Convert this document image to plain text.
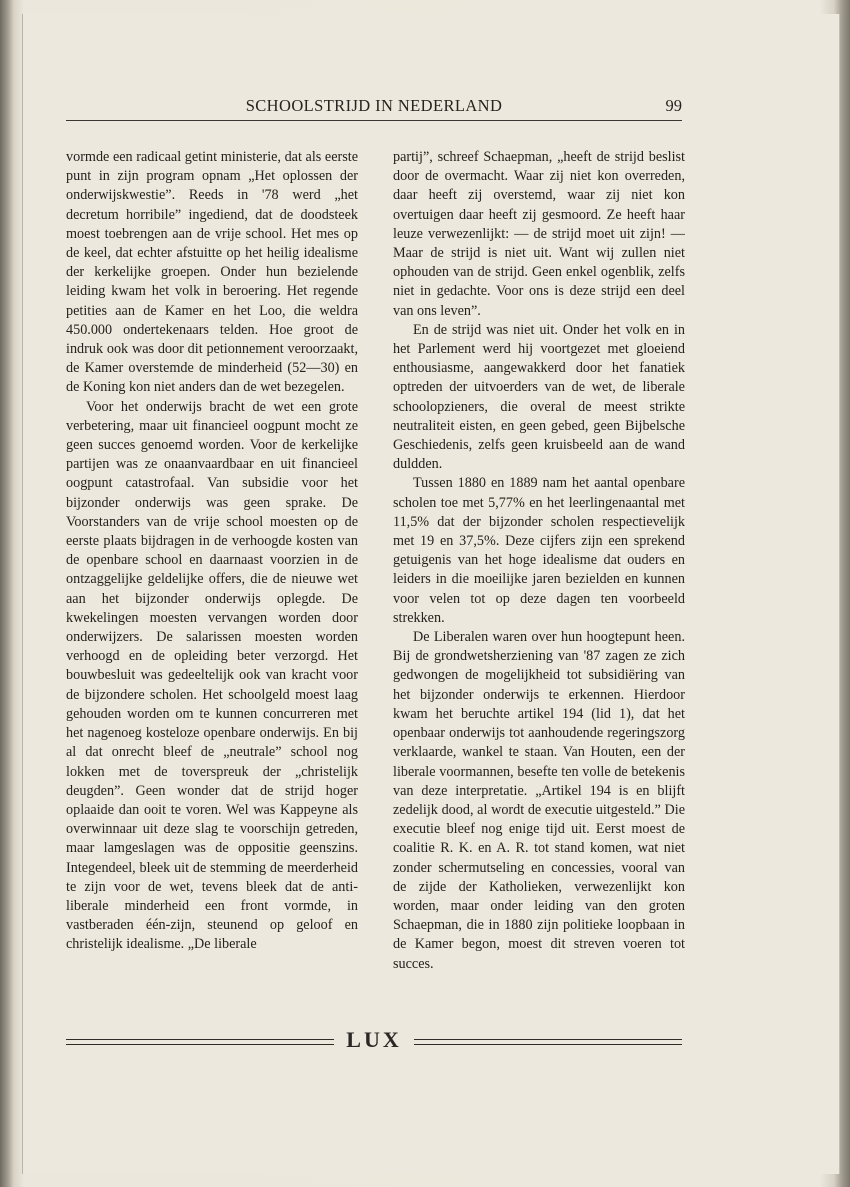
SCHOOLSTRIJD IN NEDERLAND	99

vormde een radicaal getint ministerie, dat als eerste punt in zijn program opnam „Het oplossen der onderwijskwestie”. Reeds in '78 werd „het decretum horribile” ingediend, dat de doodsteek moest toebrengen aan de vrije school. Het mes op de keel, dat echter afstuitte op het heilig idealisme der kerkelijke groepen. Onder hun bezielende leiding kwam het volk in beroering. Het regende petities aan de Kamer en het Loo, die weldra 450.000 ondertekenaars telden. Hoe groot de indruk ook was door dit petionnement veroorzaakt, de Kamer overstemde de minderheid (52—30) en de Koning kon niet anders dan de wet bezegelen.

Voor het onderwijs bracht de wet een grote verbetering, maar uit financieel oogpunt mocht ze geen succes genoemd worden. Voor de kerkelijke partijen was ze onaanvaardbaar en uit financieel oogpunt catastrofaal. Van subsidie voor het bijzonder onderwijs was geen sprake. De Voorstanders van de vrije school moesten op de eerste plaats bijdragen in de verhoogde kosten van de openbare school en daarnaast voorzien in de ontzaggelijke geldelijke offers, die de nieuwe wet aan het bijzonder onderwijs oplegde. De kwekelingen moesten vervangen worden door onderwijzers. De salarissen moesten worden verhoogd en de opleiding beter verzorgd. Het bouwbesluit was gedeeltelijk ook van kracht voor de bijzondere scholen. Het schoolgeld moest laag gehouden worden om te kunnen concurreren met het nagenoeg kosteloze openbare onderwijs. En bij al dat onrecht bleef de „neutrale” school nog lokken met de toverspreuk der „christelijk deugden”. Geen wonder dat de strijd hoger oplaaide dan ooit te voren. Wel was Kappeyne als overwinnaar uit deze slag te voorschijn getreden, maar lamgeslagen was de oppositie geenszins. Integendeel, bleek uit de stemming de meerderheid te zijn voor de wet, tevens bleek dat de anti-liberale minderheid een front vormde, in vastberaden één-zijn, steunend op geloof en christelijk idealisme. „De liberale

partij”, schreef Schaepman, „heeft de strijd beslist door de overmacht. Waar zij niet kon overreden, daar heeft zij overstemd, waar zij niet kon overtuigen daar heeft zij gesmoord. Ze heeft haar leuze verwezenlijkt: — de strijd moet uit zijn! — Maar de strijd is niet uit. Want wij zullen niet ophouden van de strijd. Geen enkel ogenblik, zelfs niet in gedachte. Voor ons is deze strijd een deel van ons leven”.

En de strijd was niet uit. Onder het volk en in het Parlement werd hij voortgezet met gloeiend enthousiasme, aangewakkerd door het fanatiek optreden der uitvoerders van de wet, de liberale schoolopzieners, die overal de meest strikte neutraliteit eisten, en geen gebed, geen Bijbelsche Geschiedenis, zelfs geen kruisbeeld aan de wand duldden.

Tussen 1880 en 1889 nam het aantal openbare scholen toe met 5,77% en het leerlingenaantal met 11,5% dat der bijzonder scholen respectievelijk met 19 en 37,5%. Deze cijfers zijn een sprekend getuigenis van het hoge idealisme dat ouders en leiders in die moeilijke jaren bezielden en kunnen voor velen tot op deze dagen ten voorbeeld strekken.

De Liberalen waren over hun hoogtepunt heen. Bij de grondwetsherziening van '87 zagen ze zich gedwongen de mogelijkheid tot subsidiëring van het bijzonder onderwijs te erkennen. Hierdoor kwam het beruchte artikel 194 (lid 1), dat het openbaar onderwijs tot aanhoudende regeringszorg verklaarde, wankel te staan. Van Houten, een der liberale voormannen, besefte ten volle de betekenis van deze interpretatie. „Artikel 194 is en blijft zedelijk dood, al wordt de executie uitgesteld.” Die executie bleef nog enige tijd uit. Eerst moest de coalitie R. K. en A. R. tot stand komen, wat niet zonder schermutseling en concessies, vooral van de zijde der Katholieken, verwezenlijkt kon worden, maar onder leiding van den groten Schaepman, die in 1880 zijn politieke loopbaan in de Kamer begon, moest dit streven voeren tot succes.

LUX
